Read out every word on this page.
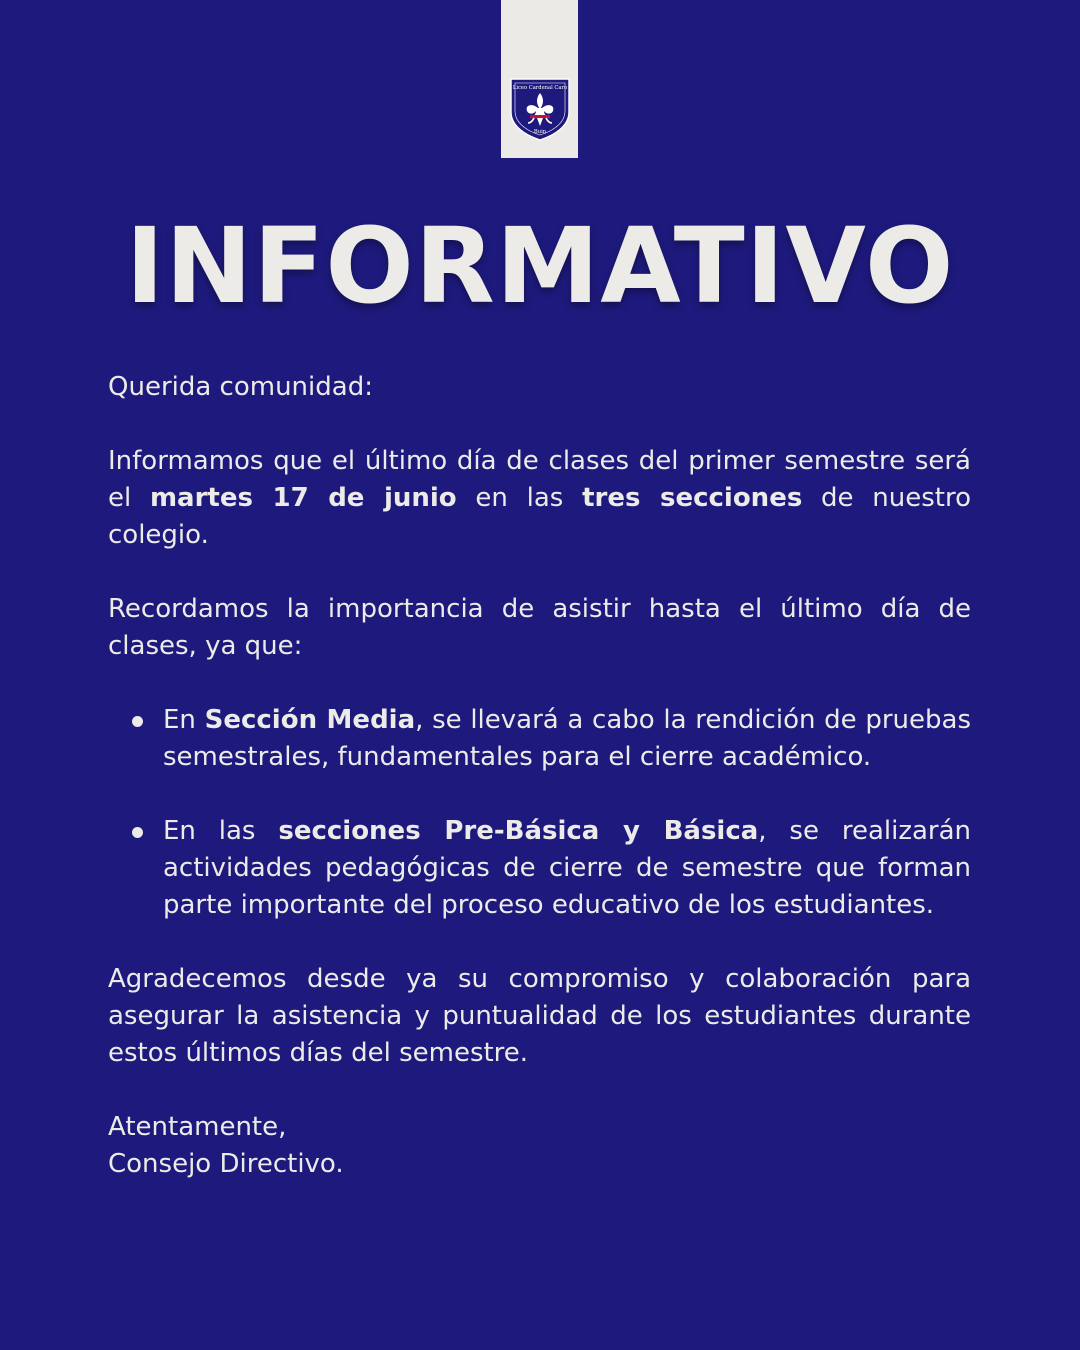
Liceo Cardenal Caro
Buin
INFORMATIVO

Querida comunidad:

Informamos que el último día de clases del primer semestre será el martes 17 de junio en las tres secciones de nuestro colegio.

Recordamos la importancia de asistir hasta el último día de clases, ya que:

En Sección Media, se llevará a cabo la rendición de pruebas semestrales, fundamentales para el cierre académico.
En las secciones Pre-Básica y Básica, se realizarán actividades pedagógicas de cierre de semestre que forman parte importante del proceso educativo de los estudiantes.

Agradecemos desde ya su compromiso y colaboración para asegurar la asistencia y puntualidad de los estudiantes durante estos últimos días del semestre.

Atentamente,

Consejo Directivo.
